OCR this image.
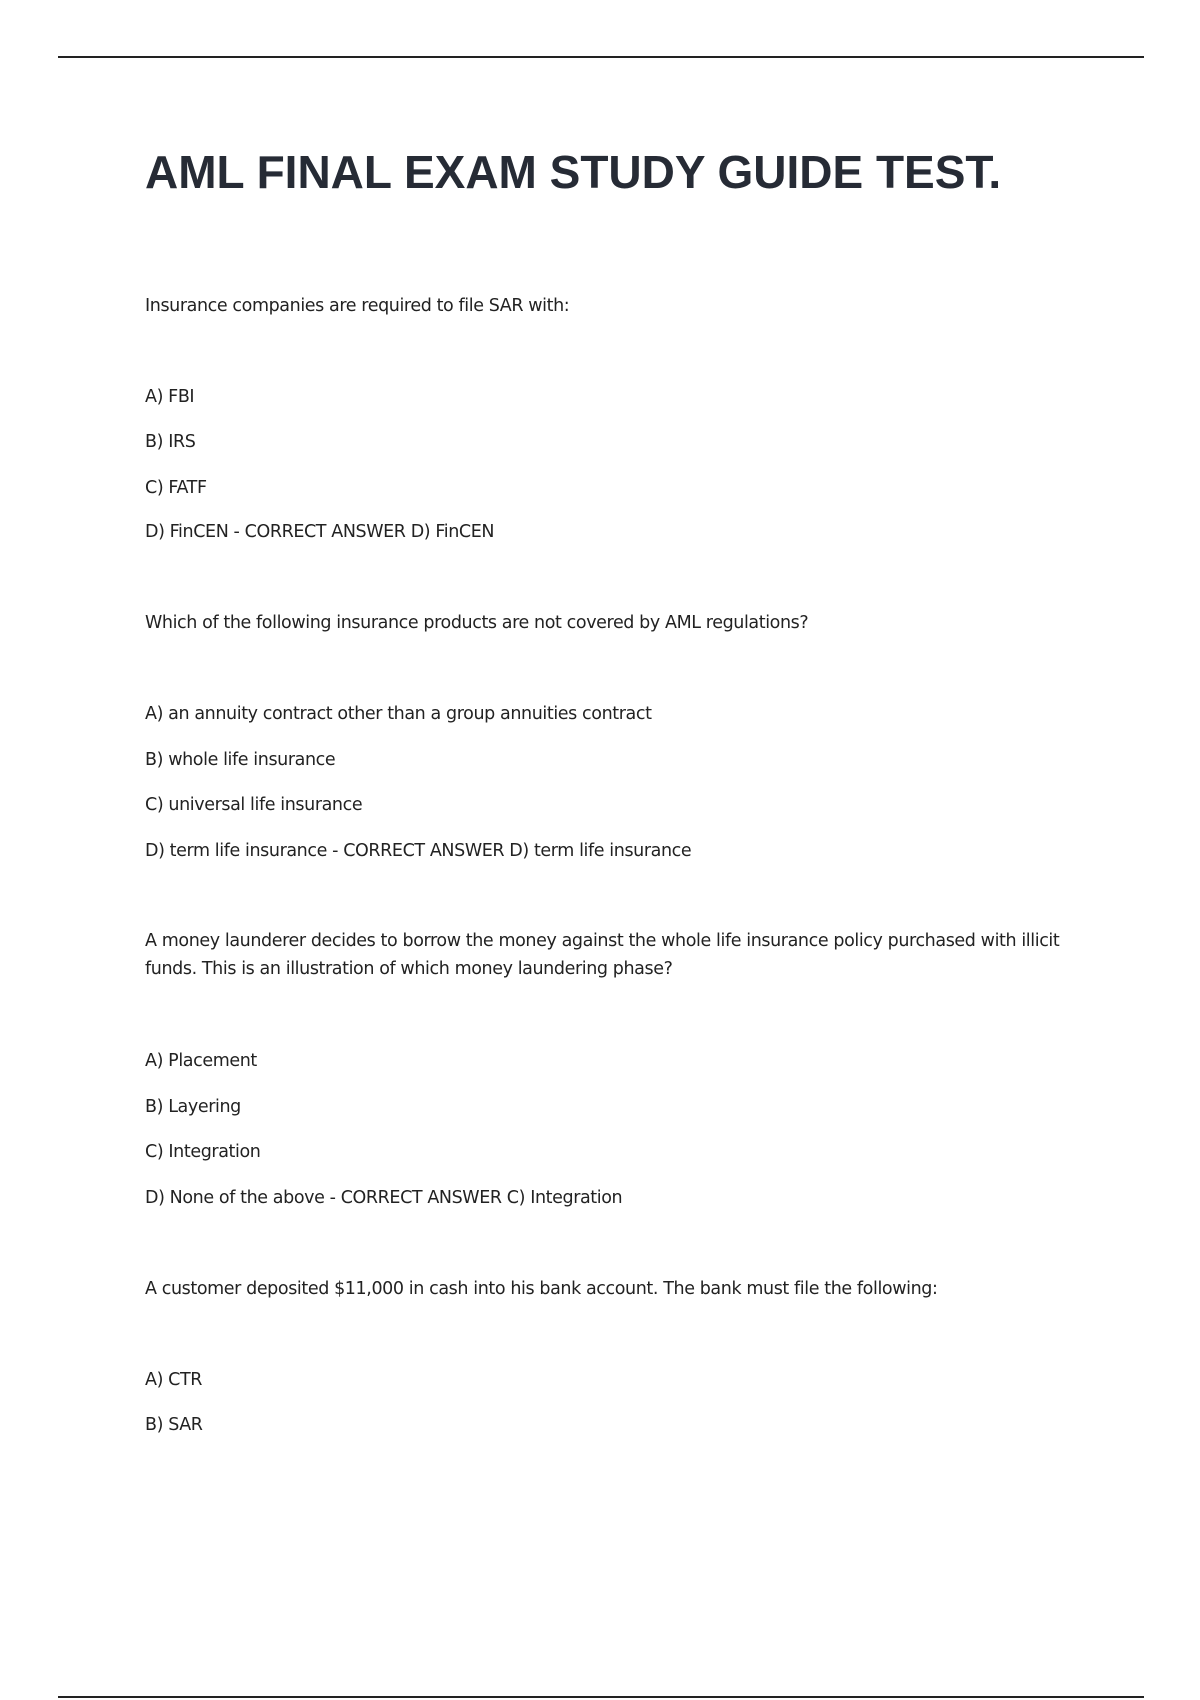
AML FINAL EXAM STUDY GUIDE TEST.
Insurance companies are required to file SAR with:
A) FBI
B) IRS
C) FATF
D) FinCEN - CORRECT ANSWER D) FinCEN
Which of the following insurance products are not covered by AML regulations?
A) an annuity contract other than a group annuities contract
B) whole life insurance
C) universal life insurance
D) term life insurance - CORRECT ANSWER D) term life insurance
A money launderer decides to borrow the money against the whole life insurance policy purchased with illicit funds. This is an illustration of which money laundering phase?
A) Placement
B) Layering
C) Integration
D) None of the above - CORRECT ANSWER C) Integration
A customer deposited $11,000 in cash into his bank account. The bank must file the following:
A) CTR
B) SAR
